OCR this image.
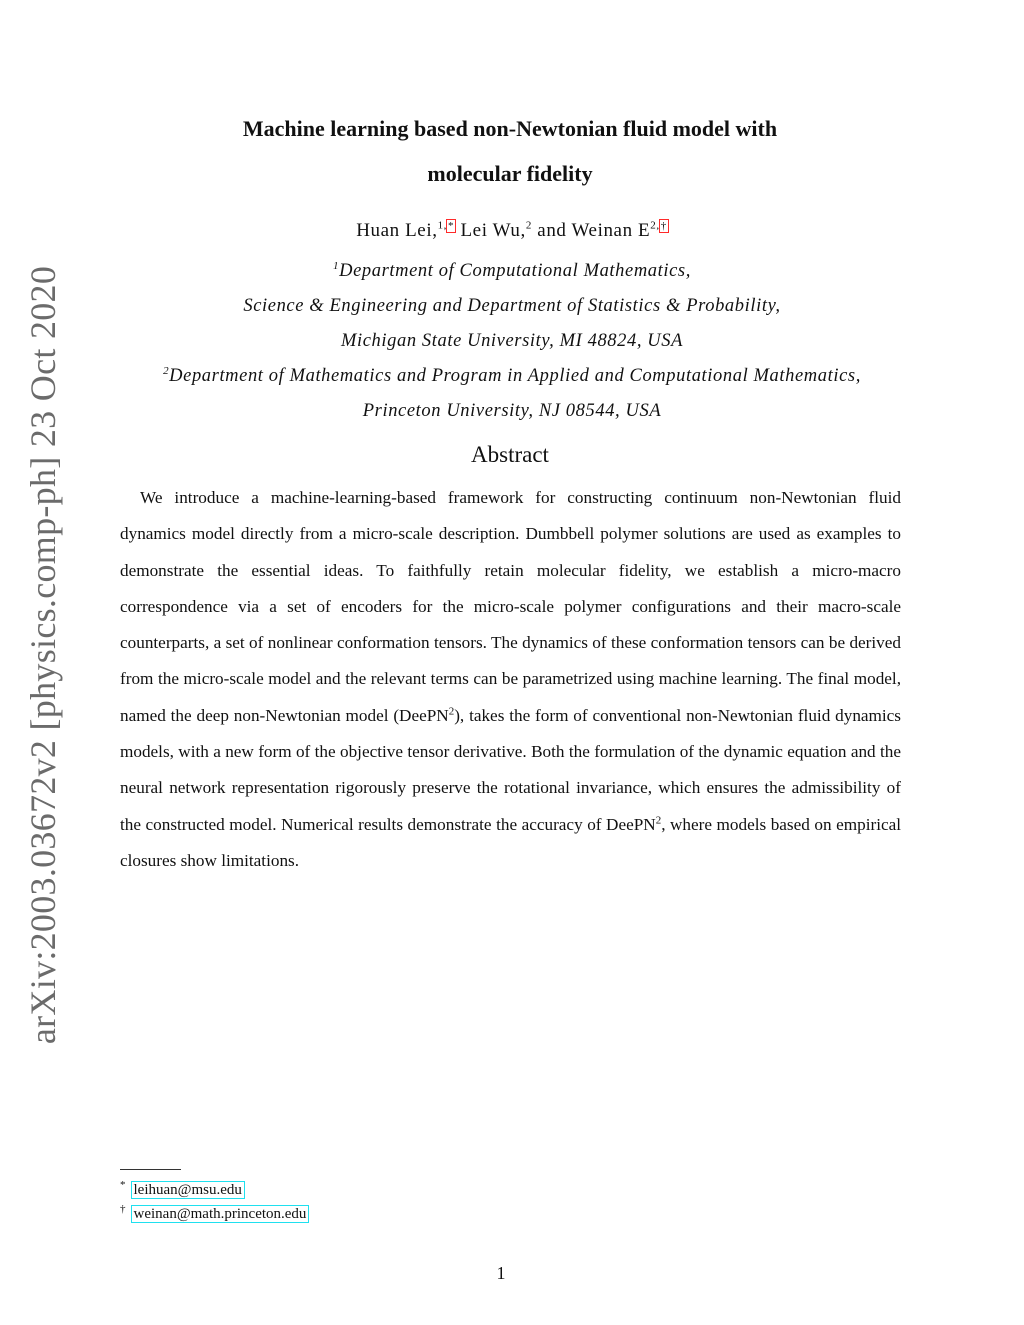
arXiv:2003.03672v2 [physics.comp-ph] 23 Oct 2020
Machine learning based non-Newtonian fluid model with
molecular fidelity
Huan Lei,$^{1,*}$ Lei Wu,$^2$ and Weinan $E^{2,\dagger}$
$^1$Department of Computational Mathematics,
Science & Engineering and Department of Statistics & Probability,
Michigan State University, MI 48824, USA
$^2$Department of Mathematics and Program in Applied and Computational Mathematics,
Princeton University, NJ 08544, USA
Abstract
We introduce a machine-learning-based framework for constructing continuum non-Newtonian fluid dynamics model directly from a micro-scale description. Dumbbell polymer solutions are used as examples to demonstrate the essential ideas. To faithfully retain molecular fidelity, we establish a micro-macro correspondence via a set of encoders for the micro-scale polymer configurations and their macro-scale counterparts, a set of nonlinear conformation tensors. The dynamics of these conformation tensors can be derived from the micro-scale model and the relevant terms can be parametrized using machine learning. The final model, named the deep non-Newtonian model (DeePN$^2$), takes the form of conventional non-Newtonian fluid dynamics models, with a new form of the objective tensor derivative. Both the formulation of the dynamic equation and the neural network representation rigorously preserve the rotational invariance, which ensures the admissibility of the constructed model. Numerical results demonstrate the accuracy of DeePN$^2$, where models based on empirical closures show limitations.
* leihuan@msu.edu
† weinan@math.princeton.edu
1
